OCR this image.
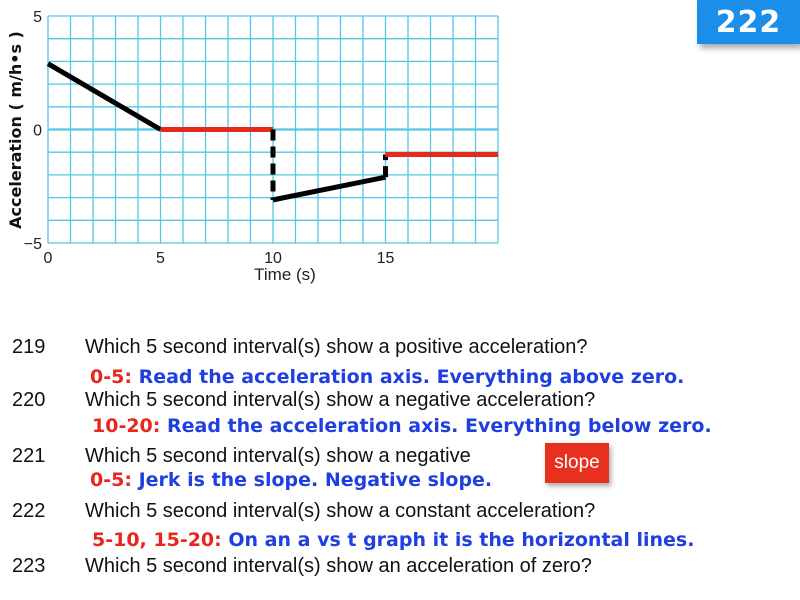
0	5	10	15
5
0
−5
Acceleration ( m/h•s )
Time (s)
222
219 Which 5 second interval(s) show a positive acceleration?
0-5: Read the acceleration axis. Everything above zero.
220 Which 5 second interval(s) show a negative acceleration?
10-20: Read the acceleration axis. Everything below zero.
221 Which 5 second interval(s) show a negative	slope
0-5: Jerk is the slope. Negative slope.
222 Which 5 second interval(s) show a constant acceleration?
5-10, 15-20: On an a vs t graph it is the horizontal lines.
223 Which 5 second interval(s) show an acceleration of zero?
